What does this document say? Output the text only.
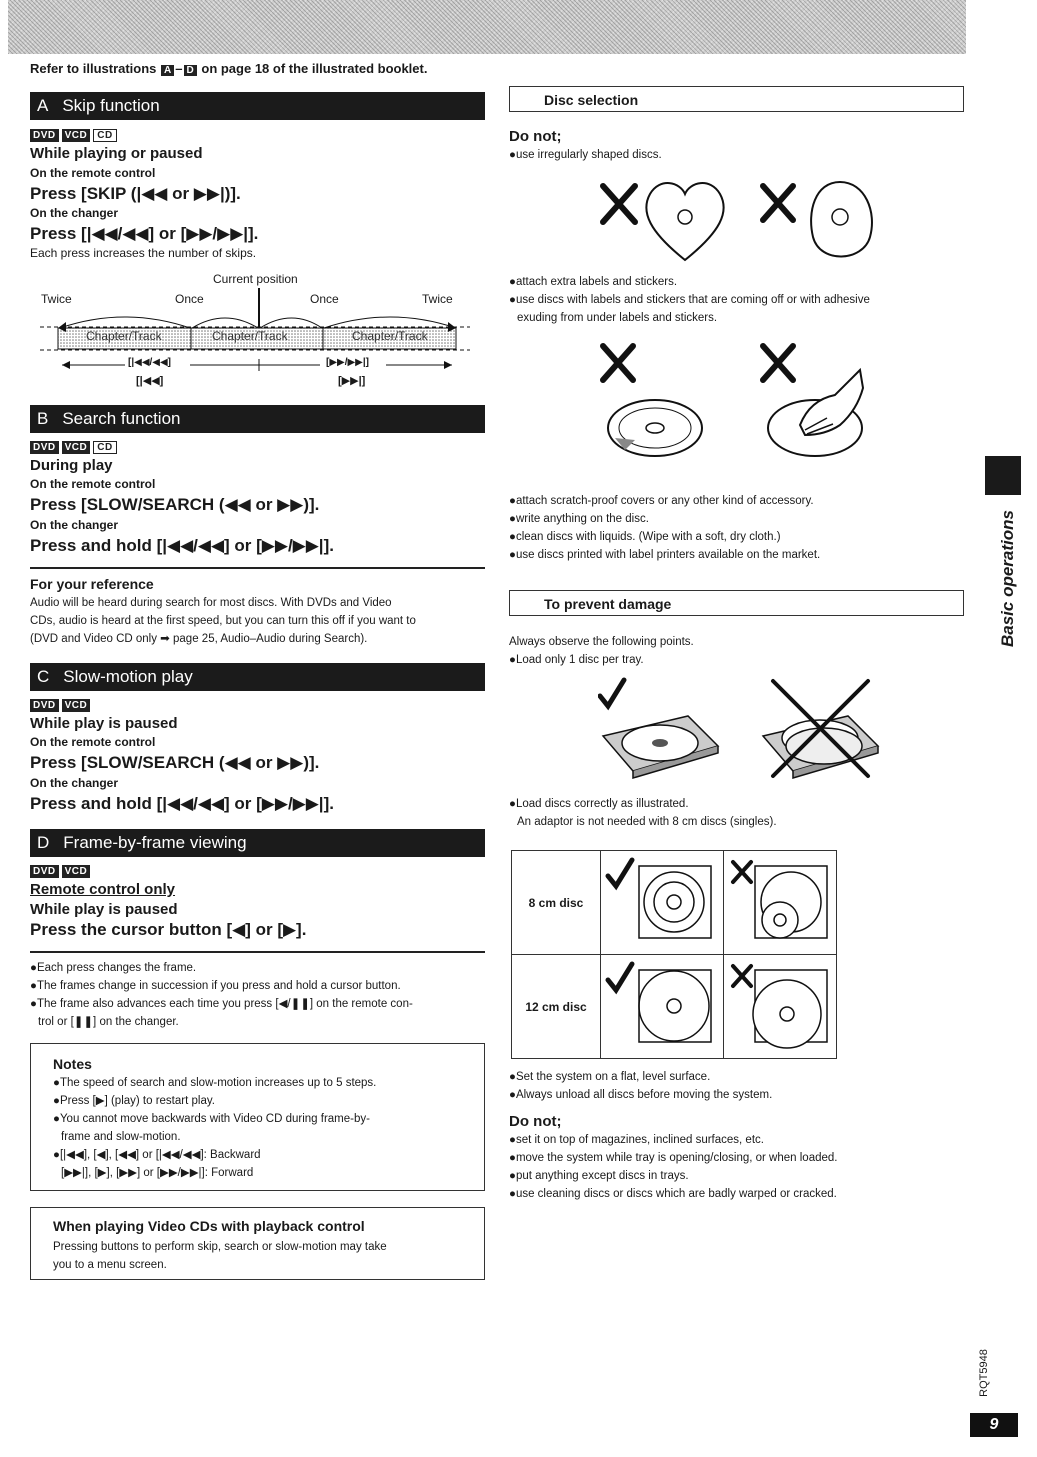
Refer to illustrations A – D on page 18 of the illustrated booklet.
A Skip function
DVD VCD CD
While playing or paused
On the remote control
Press [SKIP (|◀◀ or ▶▶|)].
On the changer
Press [|◀◀/◀◀] or [▶▶/▶▶|].
Each press increases the number of skips.
Current position
Twice	Once	Once	Twice
Chapter/Track	Chapter/Track	Chapter/Track
[|◀◀/◀◀]
[|◀◀]
[▶▶/▶▶|]
[▶▶|]
B Search function
DVD VCD CD
During play
On the remote control
Press [SLOW/SEARCH (◀◀ or ▶▶)].
On the changer
Press and hold [|◀◀/◀◀] or [▶▶/▶▶|].
For your reference
Audio will be heard during search for most discs. With DVDs and Video
CDs, audio is heard at the first speed, but you can turn this off if you want to
(DVD and Video CD only ➡ page 25, Audio–Audio during Search).
C Slow-motion play
DVD VCD
While play is paused
On the remote control
Press [SLOW/SEARCH (◀◀ or ▶▶)].
On the changer
Press and hold [|◀◀/◀◀] or [▶▶/▶▶|].
D Frame-by-frame viewing
DVD VCD
Remote control only
While play is paused
Press the cursor button [◀] or [▶].
●Each press changes the frame.
●The frames change in succession if you press and hold a cursor button.
●The frame also advances each time you press [◀/❚❚] on the remote con-
trol or [❚❚] on the changer.
Notes
●The speed of search and slow-motion increases up to 5 steps.
●Press [▶] (play) to restart play.
●You cannot move backwards with Video CD during frame-by-
frame and slow-motion.
●[|◀◀], [◀], [◀◀] or [|◀◀/◀◀]: Backward
[▶▶|], [▶], [▶▶] or [▶▶/▶▶|]: Forward
When playing Video CDs with playback control
Pressing buttons to perform skip, search or slow-motion may take
you to a menu screen.
Disc selection
Do not;
●use irregularly shaped discs.
●attach extra labels and stickers.
●use discs with labels and stickers that are coming off or with adhesive
exuding from under labels and stickers.
●attach scratch-proof covers or any other kind of accessory.
●write anything on the disc.
●clean discs with liquids. (Wipe with a soft, dry cloth.)
●use discs printed with label printers available on the market.
To prevent damage
Always observe the following points.
●Load only 1 disc per tray.
●Load discs correctly as illustrated.
An adaptor is not needed with 8 cm discs (singles).
8 cm disc

12 cm disc

●Set the system on a flat, level surface.
●Always unload all discs before moving the system.
Do not;
●set it on top of magazines, inclined surfaces, etc.
●move the system while tray is opening/closing, or when loaded.
●put anything except discs in trays.
●use cleaning discs or discs which are badly warped or cracked.
Basic operations
RQT5948
9
